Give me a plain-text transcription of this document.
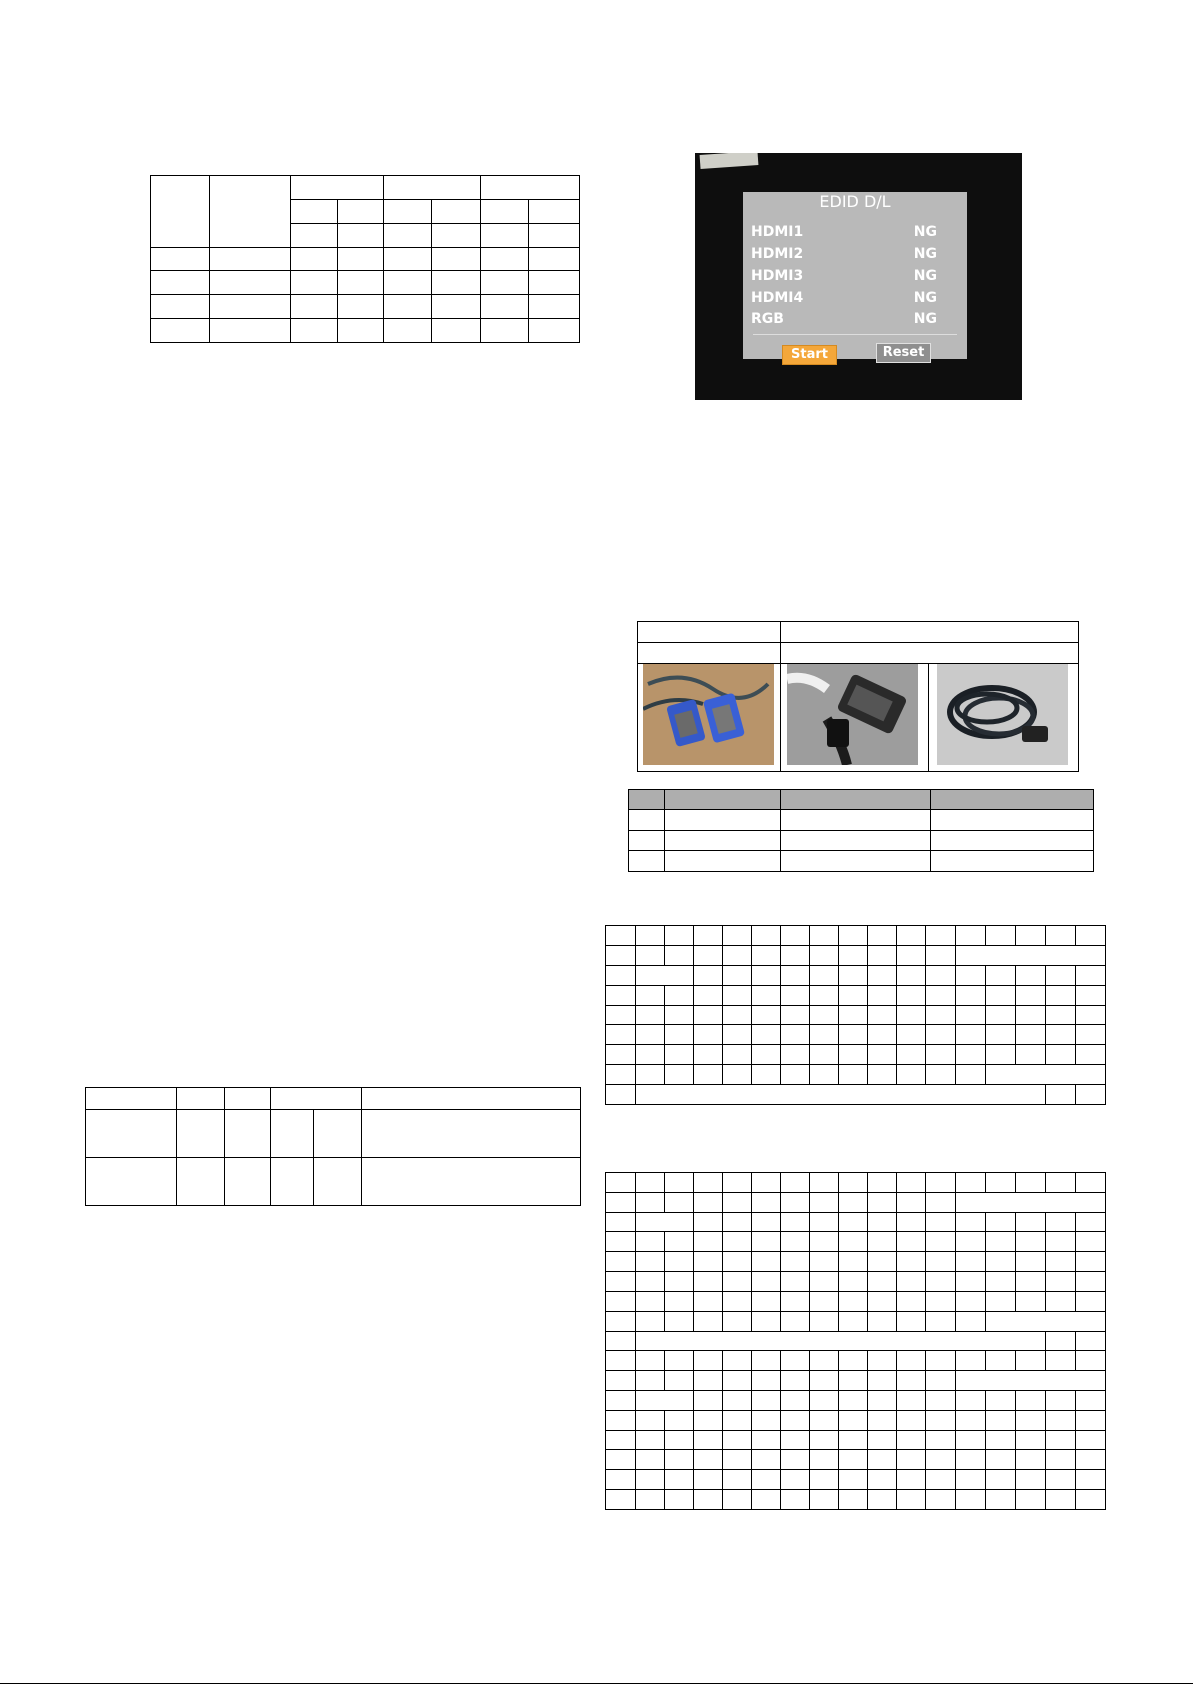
EDID D/L
HDMI1	NG
HDMI2	NG
HDMI3	NG
HDMI4	NG
RGB	NG
Start	Reset
